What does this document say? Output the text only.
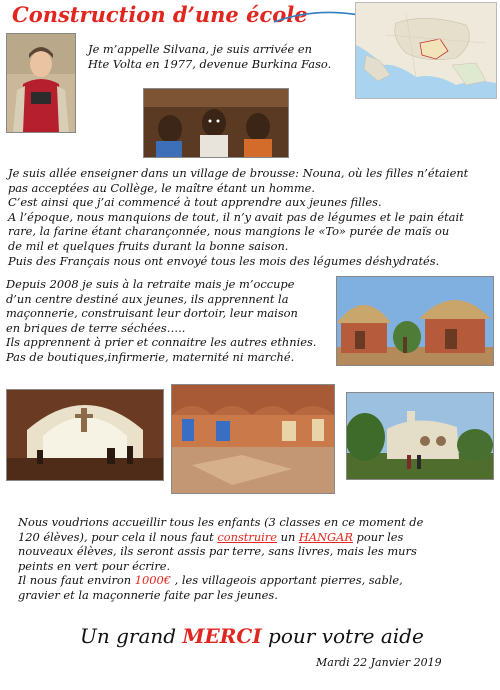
Construction d’une école
Je m’appelle Silvana, je suis arrivée en
Hte Volta en 1977, devenue Burkina Faso.
Je suis allée enseigner dans un village de brousse: Nouna, où les filles n’étaient
pas acceptées au Collège, le maître étant un homme.
C’est ainsi que j’ai commencé à tout apprendre aux jeunes filles.
A l’époque, nous manquions de tout, il n’y avait pas de légumes et le pain était
rare, la farine étant charançonnée, nous mangions le «To» purée de maïs ou
de mil et quelques fruits durant la bonne saison.
Puis des Français nous ont envoyé tous les mois des légumes déshydratés.
Depuis 2008 je suis à la retraite mais je m’occupe
d’un centre destiné aux jeunes, ils apprennent la
maçonnerie, construisant leur dortoir, leur maison
en briques de terre séchées…..
Ils apprennent à prier et connaitre les autres ethnies.
Pas de boutiques,infirmerie, maternité ni marché.
Nous voudrions accueillir tous les enfants (3 classes en ce moment de
120 élèves), pour cela il nous faut construire un HANGAR pour les
nouveaux élèves, ils seront assis par terre, sans livres, mais les murs
peints en vert pour écrire.
Il nous faut environ 1000€ , les villageois apportant pierres, sable,
gravier et la maçonnerie faite par les jeunes.
Un grand MERCI pour votre aide
Mardi 22 Janvier 2019
